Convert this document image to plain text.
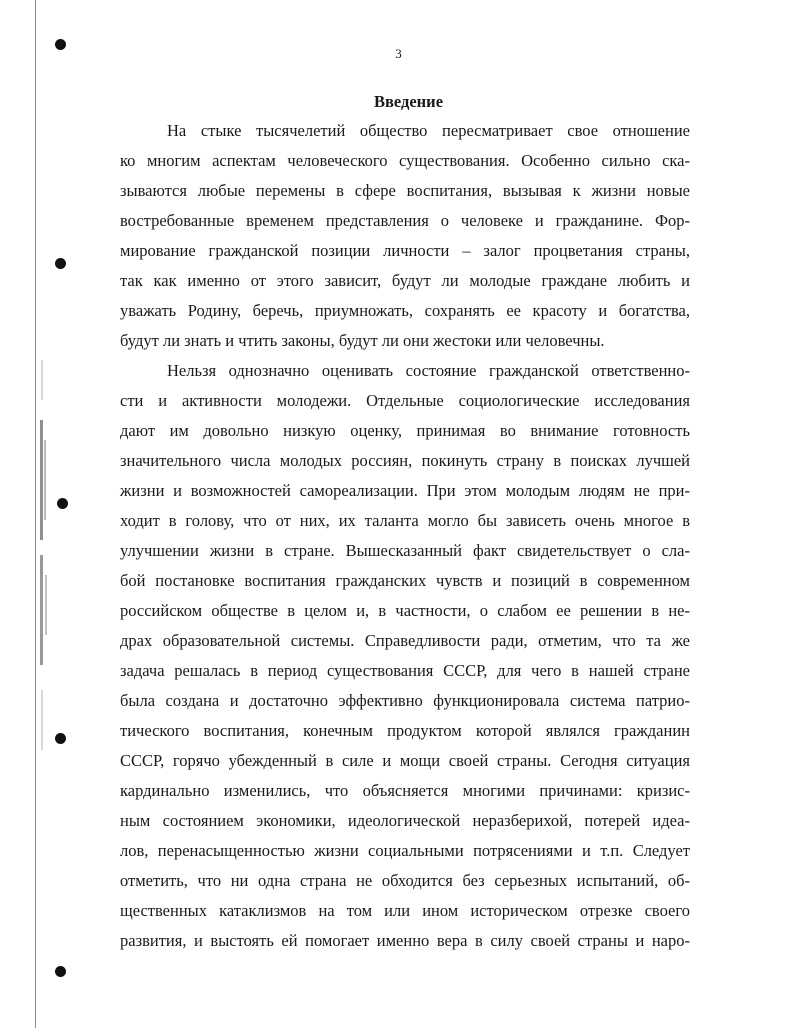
3
Введение
На стыке тысячелетий общество пересматривает свое отношение
ко многим аспектам человеческого существования. Особенно сильно ска-
зываются любые перемены в сфере воспитания, вызывая к жизни новые
востребованные временем представления о человеке и гражданине. Фор-
мирование гражданской позиции личности – залог процветания страны,
так как именно от этого зависит, будут ли молодые граждане любить и
уважать Родину, беречь, приумножать, сохранять ее красоту и богатства,
будут ли знать и чтить законы, будут ли они жестоки или человечны.
Нельзя однозначно оценивать состояние гражданской ответственно-
сти и активности молодежи. Отдельные социологические исследования
дают им довольно низкую оценку, принимая во внимание готовность
значительного числа молодых россиян, покинуть страну в поисках лучшей
жизни и возможностей самореализации. При этом молодым людям не при-
ходит в голову, что от них, их таланта могло бы зависеть очень многое в
улучшении жизни в стране. Вышесказанный факт свидетельствует о сла-
бой постановке воспитания гражданских чувств и позиций в современном
российском обществе в целом и, в частности, о слабом ее решении в не-
драх образовательной системы. Справедливости ради, отметим, что та же
задача решалась в период существования СССР, для чего в нашей стране
была создана и достаточно эффективно функционировала система патрио-
тического воспитания, конечным продуктом которой являлся гражданин
СССР, горячо убежденный в силе и мощи своей страны. Сегодня ситуация
кардинально изменились, что объясняется многими причинами: кризис-
ным состоянием экономики, идеологической неразберихой, потерей идеа-
лов, перенасыщенностью жизни социальными потрясениями и т.п. Следует
отметить, что ни одна страна не обходится без серьезных испытаний, об-
щественных катаклизмов на том или ином историческом отрезке своего
развития, и выстоять ей помогает именно вера в силу своей страны и наро-
